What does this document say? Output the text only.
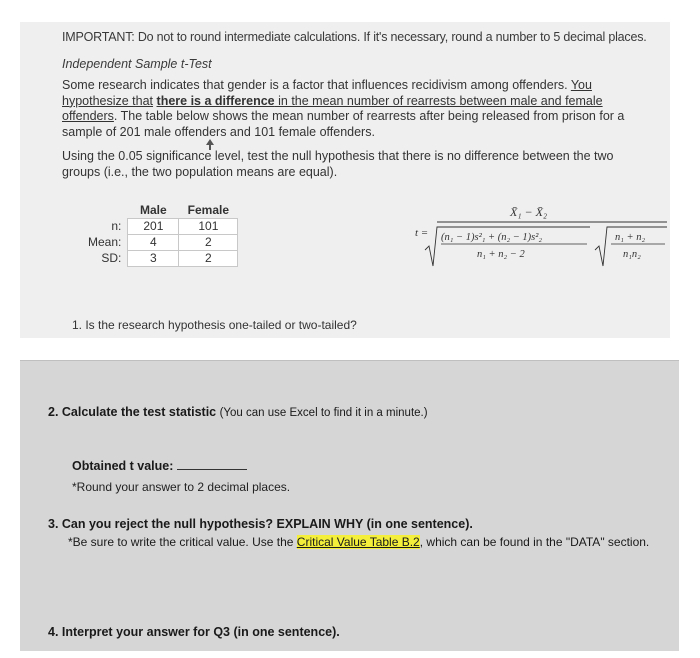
IMPORTANT: Do not to round intermediate calculations. If it's necessary, round a number to 5 decimal places.
Independent Sample t-Test
Some research indicates that gender is a factor that influences recidivism among offenders. You hypothesize that there is a difference in the mean number of rearrests between male and female offenders. The table below shows the mean number of rearrests after being released from prison for a sample of 201 male offenders and 101 female offenders.
Using the 0.05 significance level, test the null hypothesis that there is no difference between the two groups (i.e., the two population means are equal).
	Male	Female
n:	201	101
Mean:	4	2
SD:	3	2
t =
X̄₁ − X̄₂
(n₁ − 1)s²₁ + (n₂ − 1)s²₂
n₁ + n₂ − 2
n₁ + n₂
n₁n₂
1. Is the research hypothesis one-tailed or two-tailed?
2. Calculate the test statistic (You can use Excel to find it in a minute.)
Obtained t value:
*Round your answer to 2 decimal places.
3. Can you reject the null hypothesis? EXPLAIN WHY (in one sentence).
*Be sure to write the critical value. Use the Critical Value Table B.2, which can be found in the "DATA" section.
4. Interpret your answer for Q3 (in one sentence).
